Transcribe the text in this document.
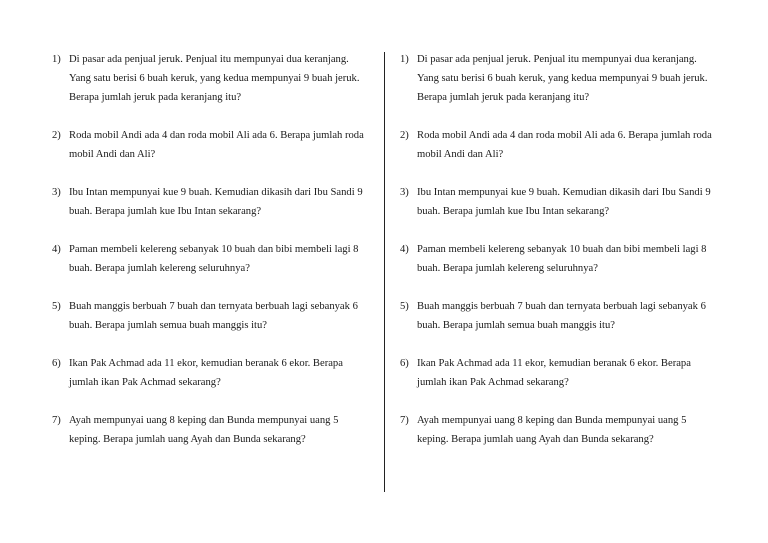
1) Di pasar ada penjual jeruk. Penjual itu mempunyai dua keranjang. Yang satu berisi 6 buah keruk, yang kedua mempunyai 9 buah jeruk. Berapa jumlah jeruk pada keranjang itu?
2) Roda mobil Andi ada 4 dan roda mobil Ali ada 6. Berapa jumlah roda mobil Andi dan Ali?
3) Ibu Intan mempunyai kue 9 buah. Kemudian dikasih dari Ibu Sandi 9 buah. Berapa jumlah kue Ibu Intan sekarang?
4) Paman membeli kelereng sebanyak 10 buah dan bibi membeli lagi 8 buah. Berapa jumlah kelereng seluruhnya?
5) Buah manggis berbuah 7 buah dan ternyata berbuah lagi sebanyak 6 buah. Berapa jumlah semua buah manggis itu?
6) Ikan Pak Achmad ada 11 ekor, kemudian beranak 6 ekor. Berapa jumlah ikan Pak Achmad sekarang?
7) Ayah mempunyai uang 8 keping dan Bunda mempunyai uang 5 keping. Berapa jumlah uang Ayah dan Bunda sekarang?
1) Di pasar ada penjual jeruk. Penjual itu mempunyai dua keranjang. Yang satu berisi 6 buah keruk, yang kedua mempunyai 9 buah jeruk. Berapa jumlah jeruk pada keranjang itu?
2) Roda mobil Andi ada 4 dan roda mobil Ali ada 6. Berapa jumlah roda mobil Andi dan Ali?
3) Ibu Intan mempunyai kue 9 buah. Kemudian dikasih dari Ibu Sandi 9 buah. Berapa jumlah kue Ibu Intan sekarang?
4) Paman membeli kelereng sebanyak 10 buah dan bibi membeli lagi 8 buah. Berapa jumlah kelereng seluruhnya?
5) Buah manggis berbuah 7 buah dan ternyata berbuah lagi sebanyak 6 buah. Berapa jumlah semua buah manggis itu?
6) Ikan Pak Achmad ada 11 ekor, kemudian beranak 6 ekor. Berapa jumlah ikan Pak Achmad sekarang?
7) Ayah mempunyai uang 8 keping dan Bunda mempunyai uang 5 keping. Berapa jumlah uang Ayah dan Bunda sekarang?
